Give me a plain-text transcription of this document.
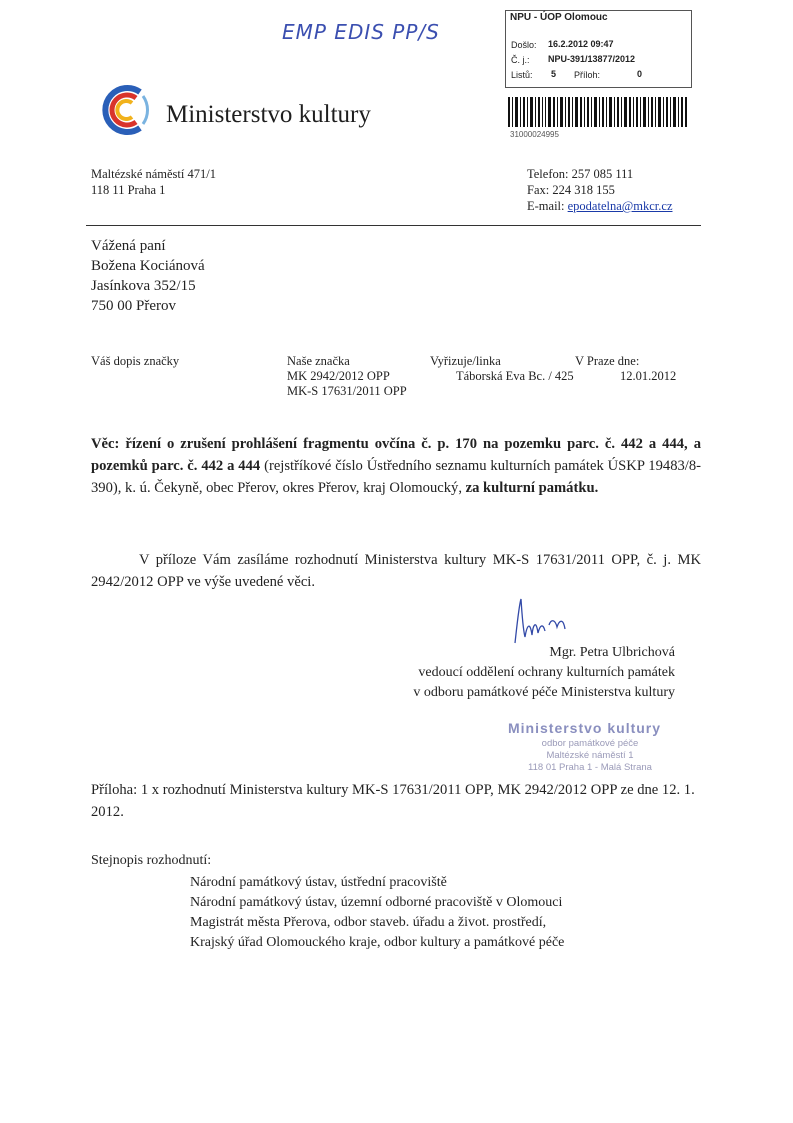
EMP EDIS PP/S
NPU - ÚOP Olomouc
Došlo: 16.2.2012 09:47
Č. j.: NPU-391/13877/2012
Listů: 5 Příloh:	0
31000024995
Ministerstvo kultury
Maltézské náměstí 471/1
118 11 Praha 1
Telefon: 257 085 111
Fax: 224 318 155
E-mail: epodatelna@mkcr.cz
Vážená paní
Božena Kociánová
Jasínkova 352/15
750 00 Přerov
Váš dopis značky	Naše značka
MK 2942/2012 OPP
MK-S 17631/2011 OPP
Vyřizuje/linka
Táborská Eva Bc. / 425
V Praze dne:
12.01.2012
Věc: řízení o zrušení prohlášení fragmentu ovčína č. p. 170 na pozemku parc. č. 442 a 444, a pozemků parc. č. 442 a 444 (rejstříkové číslo Ústředního seznamu kulturních památek ÚSKP 19483/8-390), k. ú. Čekyně, obec Přerov, okres Přerov, kraj Olomoucký, za kulturní památku.
V příloze Vám zasíláme rozhodnutí Ministerstva kultury MK-S 17631/2011 OPP, č. j. MK 2942/2012 OPP ve výše uvedené věci.
Mgr. Petra Ulbrichová
vedoucí oddělení ochrany kulturních památek
v odboru památkové péče Ministerstva kultury
Ministerstvo kultury
odbor památkové péče
Maltézské náměstí 1
118 01 Praha 1 - Malá Strana
Příloha: 1 x rozhodnutí Ministerstva kultury MK-S 17631/2011 OPP, MK 2942/2012 OPP ze dne 12. 1. 2012.
Stejnopis rozhodnutí:
Národní památkový ústav, ústřední pracoviště
Národní památkový ústav, územní odborné pracoviště v Olomouci
Magistrát města Přerova, odbor staveb. úřadu a život. prostředí,
Krajský úřad Olomouckého kraje, odbor kultury a památkové péče
